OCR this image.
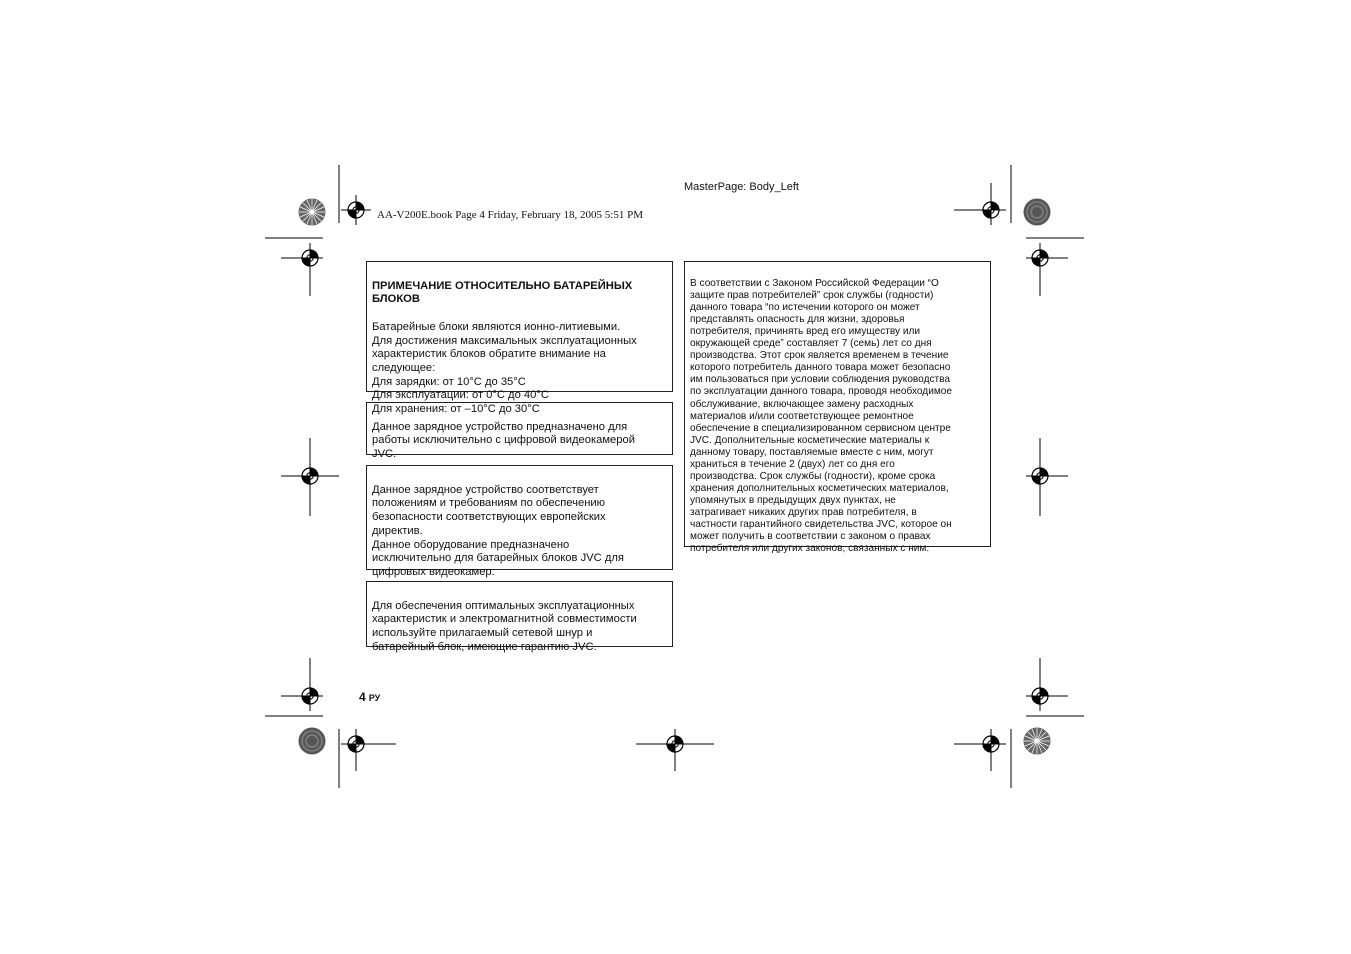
MasterPage: Body_Left
AA-V200E.book Page 4 Friday, February 18, 2005 5:51 PM

ПРИМЕЧАНИЕ ОТНОСИТЕЛЬНО БАТАРЕЙНЫХ
БЛОКОВ

Батарейные блоки являются ионно-литиевыми.
Для достижения максимальных эксплуатационных
характеристик блоков обратите внимание на
следующее:
Для зарядки: от 10°C до 35°C
Для эксплуатации: от 0°C до 40°C
Для хранения: от –10°C до 30°C

Данное зарядное устройство предназначено для
работы исключительно с цифровой видеокамерой
JVC.

Данное зарядное устройство соответствует
положениям и требованиям по обеспечению
безопасности соответствующих европейских
директив.
Данное оборудование предназначено
исключительно для батарейных блоков JVC для
цифровых видеокамер.

Для обеспечения оптимальных эксплуатационных
характеристик и электромагнитной совместимости
используйте прилагаемый сетевой шнур и
батарейный блок, имеющие гарантию JVC.

В соответствии с Законом Российской Федерации “О
защите прав потребителей” срок службы (годности)
данного товара “по истечении которого он может
представлять опасность для жизни, здоровья
потребителя, причинять вред его имуществу или
окружающей среде” составляет 7 (семь) лет со дня
производства. Этот срок является временем в течение
которого потребитель данного товара может безопасно
им пользоваться при условии соблюдения руководства
по эксплуатации данного товара, проводя необходимое
обслуживание, включающее замену расходных
материалов и/или соответствующее ремонтное
обеспечение в специализированном сервисном центре
JVC. Дополнительные косметические материалы к
данному товару, поставляемые вместе с ним, могут
храниться в течение 2 (двух) лет со дня его
производства. Срок службы (годности), кроме срока
хранения дополнительных косметических материалов,
упомянутых в предыдущих двух пунктах, не
затрагивает никаких других прав потребителя, в
частности гарантийного свидетельства JVC, которое он
может получить в соответствии с законом о правах
потребителя или других законов, связанных с ним.

4 РУ
